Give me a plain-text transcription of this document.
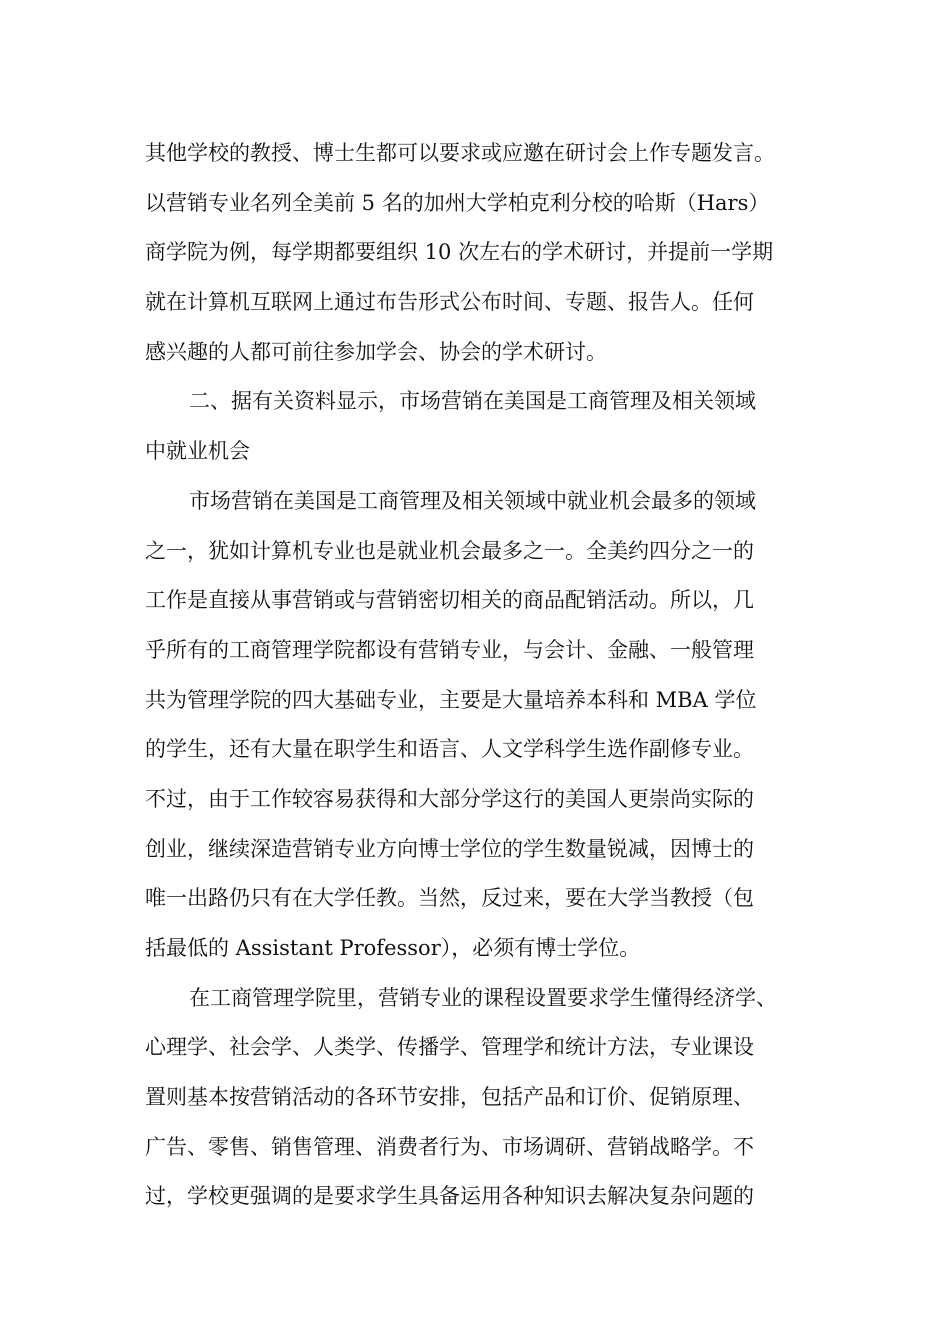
其他学校的教授、博士生都可以要求或应邀在研讨会上作专题发言。
以营销专业名列全美前 5 名的加州大学柏克利分校的哈斯（Hars）
商学院为例，每学期都要组织 10 次左右的学术研讨，并提前一学期
就在计算机互联网上通过布告形式公布时间、专题、报告人。任何
感兴趣的人都可前往参加学会、协会的学术研讨。
二、据有关资料显示，市场营销在美国是工商管理及相关领域
中就业机会
市场营销在美国是工商管理及相关领域中就业机会最多的领域
之一，犹如计算机专业也是就业机会最多之一。全美约四分之一的
工作是直接从事营销或与营销密切相关的商品配销活动。所以，几
乎所有的工商管理学院都设有营销专业，与会计、金融、一般管理
共为管理学院的四大基础专业，主要是大量培养本科和 MBA 学位
的学生，还有大量在职学生和语言、人文学科学生选作副修专业。
不过，由于工作较容易获得和大部分学这行的美国人更崇尚实际的
创业，继续深造营销专业方向博士学位的学生数量锐减，因博士的
唯一出路仍只有在大学任教。当然，反过来，要在大学当教授（包
括最低的 Assistant Professor），必须有博士学位。
在工商管理学院里，营销专业的课程设置要求学生懂得经济学、
心理学、社会学、人类学、传播学、管理学和统计方法，专业课设
置则基本按营销活动的各环节安排，包括产品和订价、促销原理、
广告、零售、销售管理、消费者行为、市场调研、营销战略学。不
过，学校更强调的是要求学生具备运用各种知识去解决复杂问题的
